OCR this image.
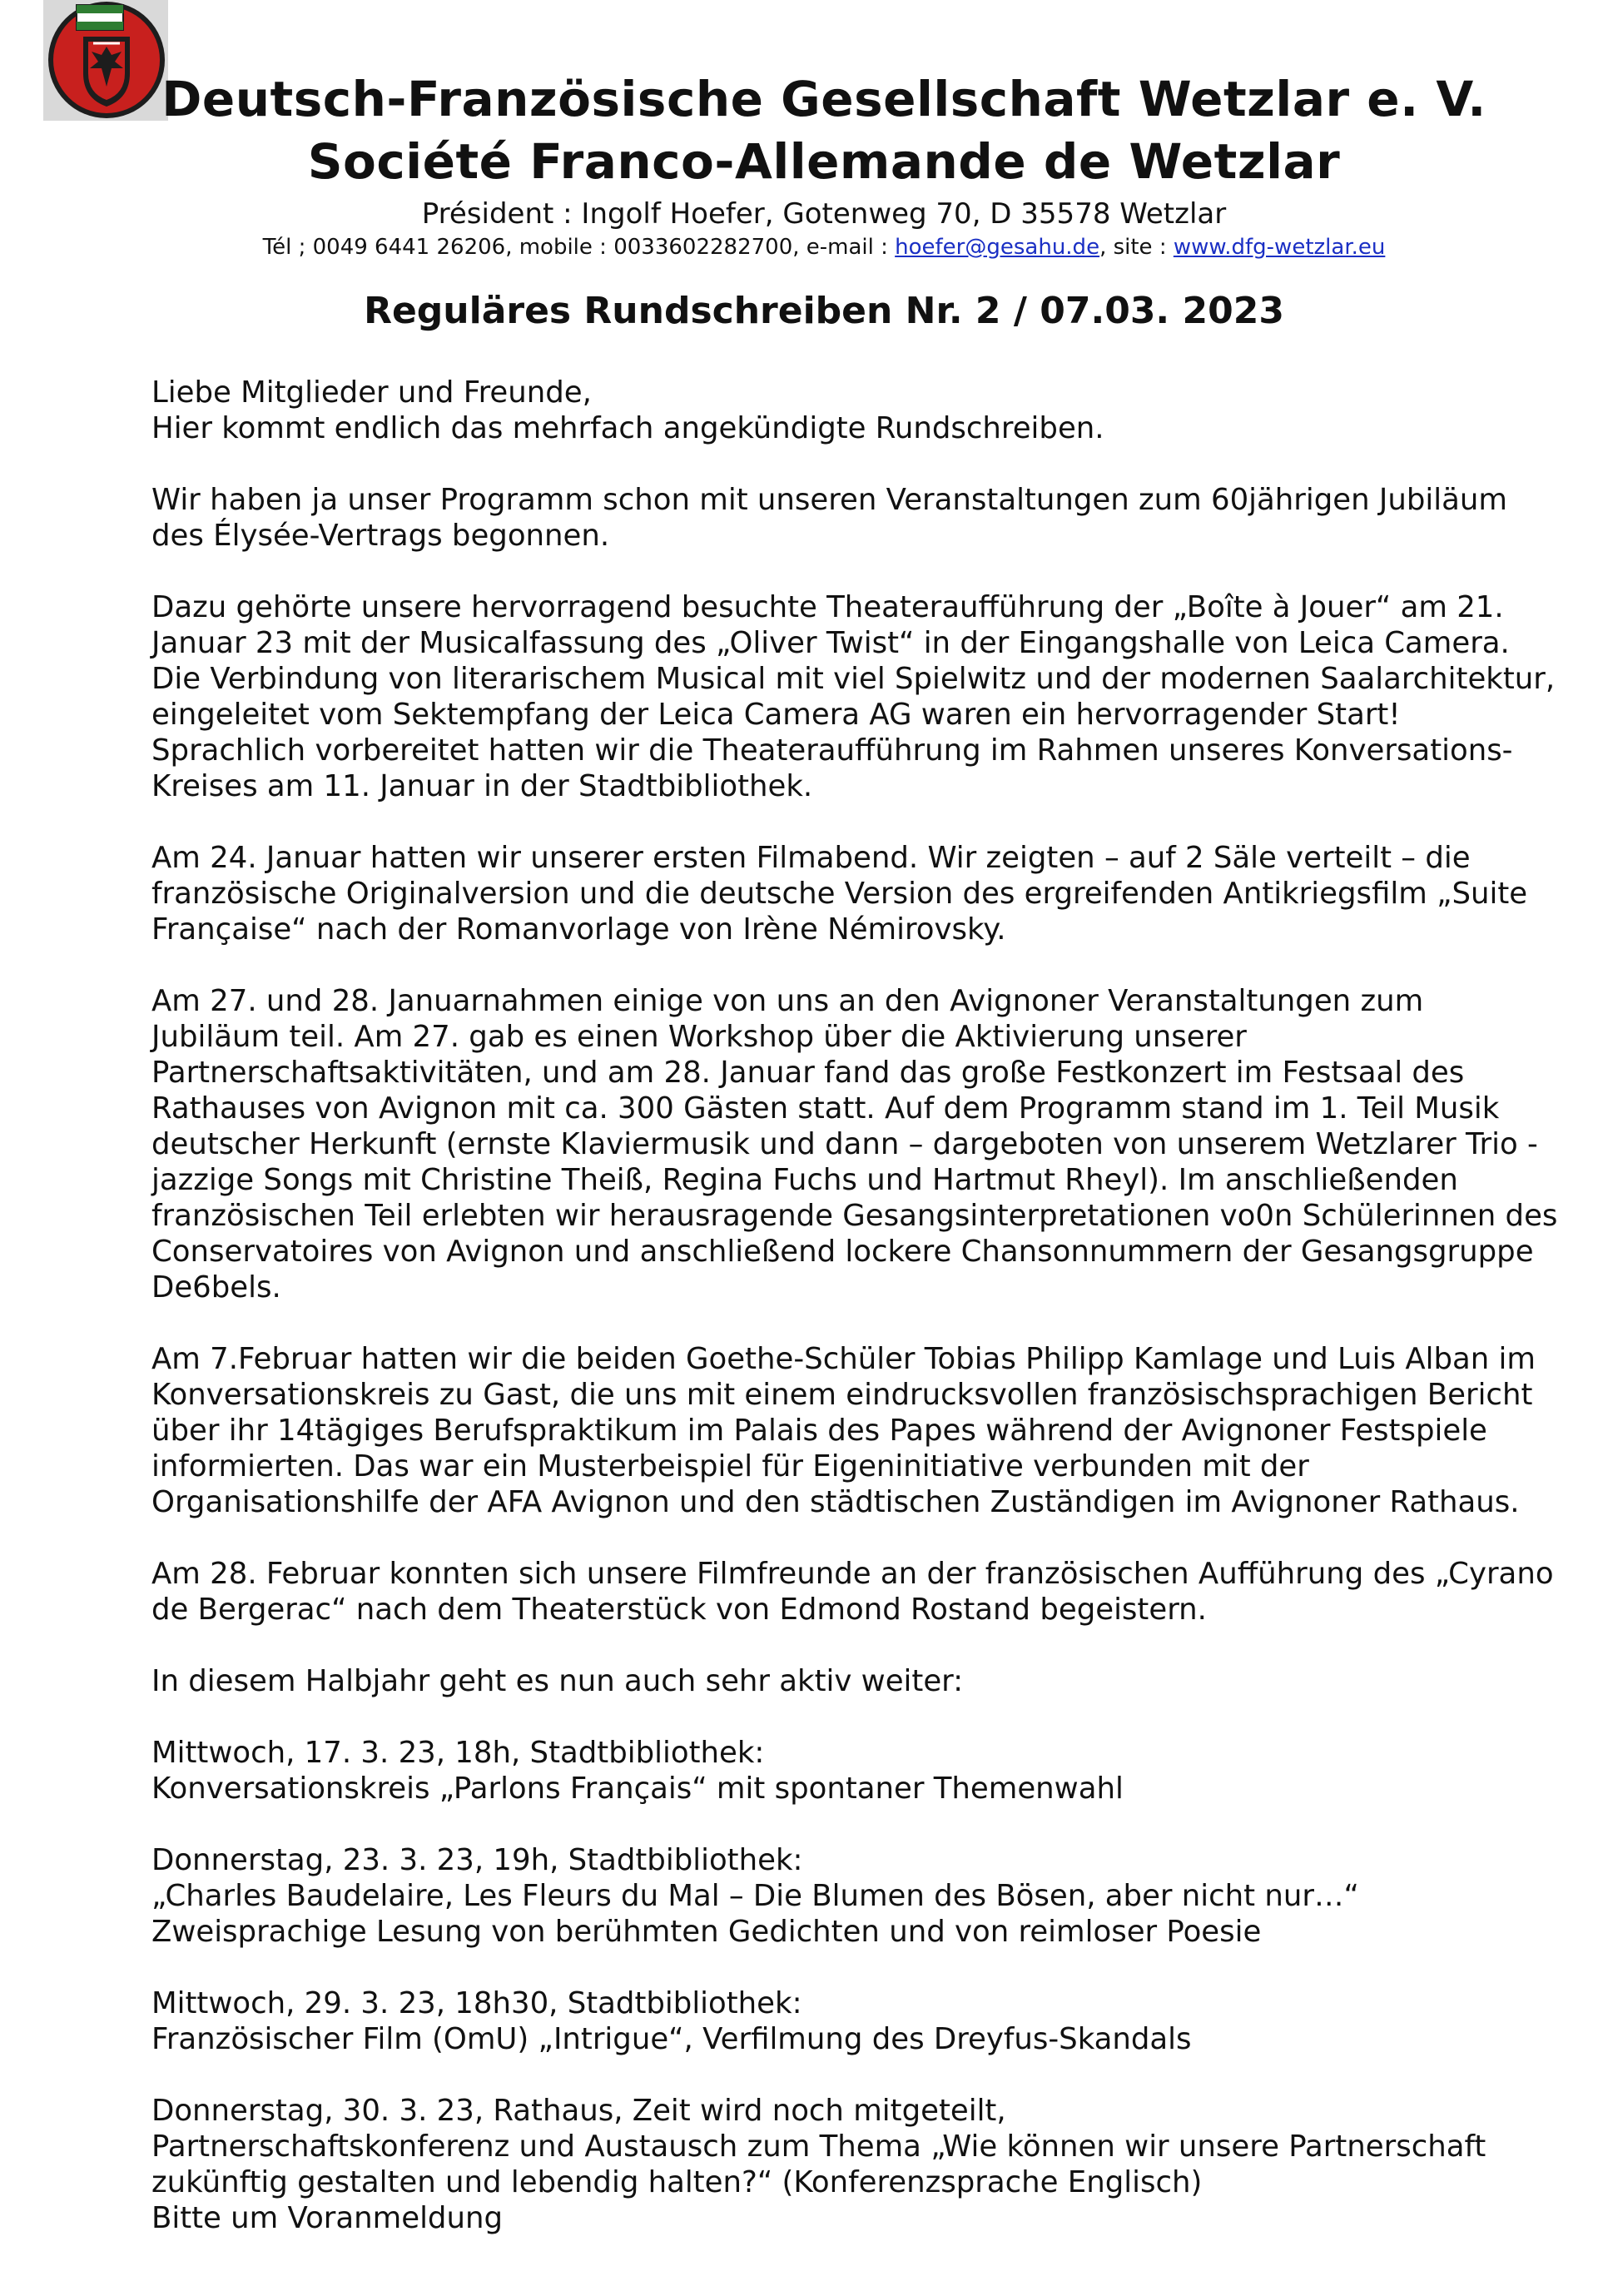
Deutsch-Französische Gesellschaft Wetzlar e. V.
Société Franco-Allemande de Wetzlar
Président : Ingolf Hoefer, Gotenweg 70, D 35578 Wetzlar
Tél ; 0049 6441 26206, mobile : 0033602282700, e-mail : hoefer@gesahu.de, site : www.dfg-wetzlar.eu
Reguläres Rundschreiben Nr. 2 / 07.03. 2023

Liebe Mitglieder und Freunde,
Hier kommt endlich das mehrfach angekündigte Rundschreiben.

Wir haben ja unser Programm schon mit unseren Veranstaltungen zum 60jährigen Jubiläum
des Élysée-Vertrags begonnen.

Dazu gehörte unsere hervorragend besuchte Theateraufführung der „Boîte à Jouer“ am 21.
Januar 23 mit der Musicalfassung des „Oliver Twist“ in der Eingangshalle von Leica Camera.
Die Verbindung von literarischem Musical mit viel Spielwitz und der modernen Saalarchitektur,
eingeleitet vom Sektempfang der Leica Camera AG waren ein hervorragender Start!
Sprachlich vorbereitet hatten wir die Theateraufführung im Rahmen unseres Konversations-
Kreises am 11. Januar in der Stadtbibliothek.

Am 24. Januar hatten wir unserer ersten Filmabend. Wir zeigten – auf 2 Säle verteilt – die
französische Originalversion und die deutsche Version des ergreifenden Antikriegsfilm „Suite
Française“ nach der Romanvorlage von Irène Némirovsky.

Am 27. und 28. Januarnahmen einige von uns an den Avignoner Veranstaltungen zum
Jubiläum teil. Am 27. gab es einen Workshop über die Aktivierung unserer
Partnerschaftsaktivitäten, und am 28. Januar fand das große Festkonzert im Festsaal des
Rathauses von Avignon mit ca. 300 Gästen statt. Auf dem Programm stand im 1. Teil Musik
deutscher Herkunft (ernste Klaviermusik und dann – dargeboten von unserem Wetzlarer Trio -
jazzige Songs mit Christine Theiß, Regina Fuchs und Hartmut Rheyl). Im anschließenden
französischen Teil erlebten wir herausragende Gesangsinterpretationen vo0n Schülerinnen des
Conservatoires von Avignon und anschließend lockere Chansonnummern der Gesangsgruppe
De6bels.

Am 7.Februar hatten wir die beiden Goethe-Schüler Tobias Philipp Kamlage und Luis Alban im
Konversationskreis zu Gast, die uns mit einem eindrucksvollen französischsprachigen Bericht
über ihr 14tägiges Berufspraktikum im Palais des Papes während der Avignoner Festspiele
informierten. Das war ein Musterbeispiel für Eigeninitiative verbunden mit der
Organisationshilfe der AFA Avignon und den städtischen Zuständigen im Avignoner Rathaus.

Am 28. Februar konnten sich unsere Filmfreunde an der französischen Aufführung des „Cyrano
de Bergerac“ nach dem Theaterstück von Edmond Rostand begeistern.

In diesem Halbjahr geht es nun auch sehr aktiv weiter:

Mittwoch, 17. 3. 23, 18h, Stadtbibliothek:
Konversationskreis „Parlons Français“ mit spontaner Themenwahl

Donnerstag, 23. 3. 23, 19h, Stadtbibliothek:
„Charles Baudelaire, Les Fleurs du Mal – Die Blumen des Bösen, aber nicht nur…“
Zweisprachige Lesung von berühmten Gedichten und von reimloser Poesie

Mittwoch, 29. 3. 23, 18h30, Stadtbibliothek:
Französischer Film (OmU) „Intrigue“, Verfilmung des Dreyfus-Skandals

Donnerstag, 30. 3. 23, Rathaus, Zeit wird noch mitgeteilt,
Partnerschaftskonferenz und Austausch zum Thema „Wie können wir unsere Partnerschaft
zukünftig gestalten und lebendig halten?“ (Konferenzsprache Englisch)
Bitte um Voranmeldung
